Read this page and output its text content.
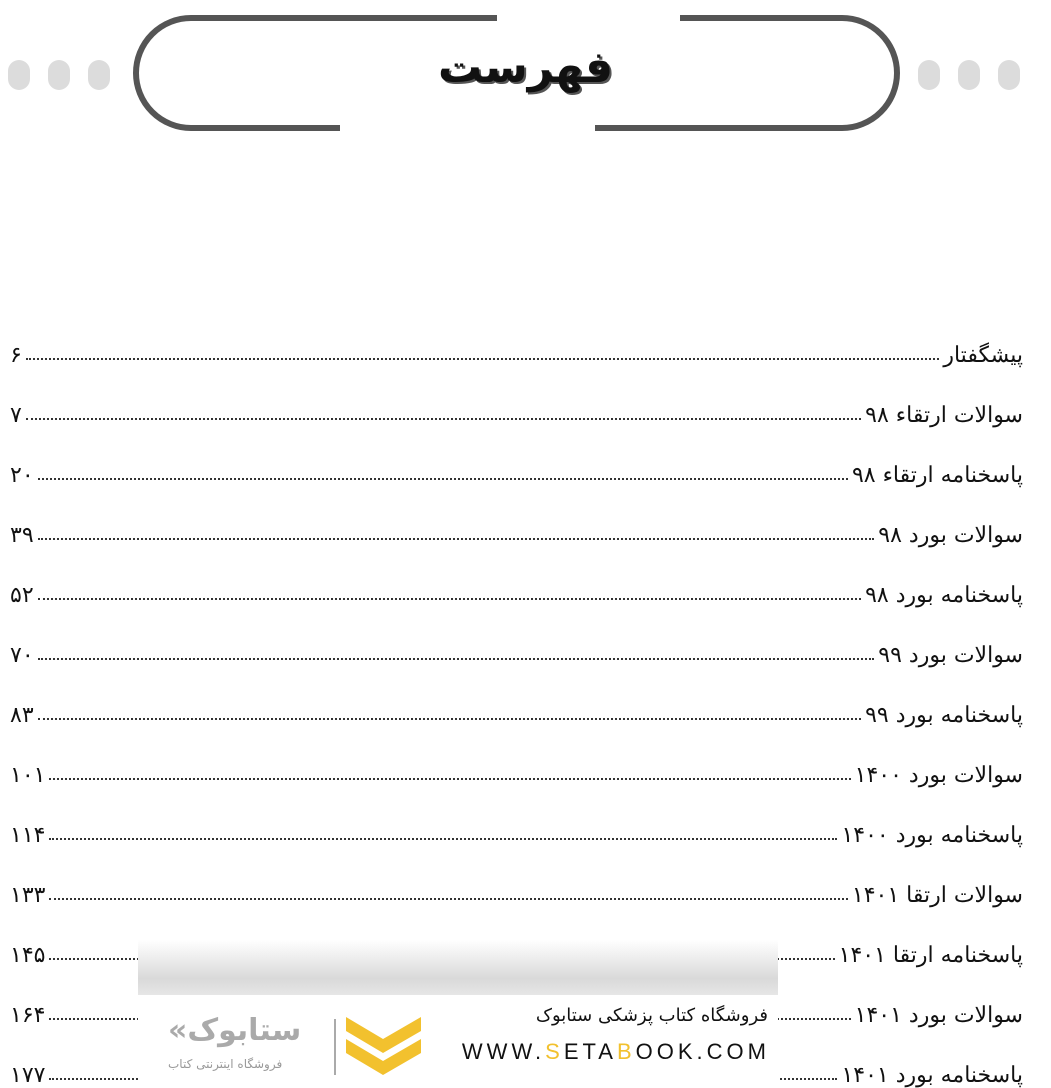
فهرست
پیشگفتار
۶
سوالات ارتقاء ۹۸
۷
پاسخنامه ارتقاء ۹۸
۲۰
سوالات بورد ۹۸
۳۹
پاسخنامه بورد ۹۸
۵۲
سوالات بورد ۹۹
۷۰
پاسخنامه بورد ۹۹
۸۳
سوالات بورد ۱۴۰۰
۱۰۱
پاسخنامه بورد ۱۴۰۰
۱۱۴
سوالات ارتقا ۱۴۰۱
۱۳۳
پاسخنامه ارتقا ۱۴۰۱
۱۴۵
سوالات بورد ۱۴۰۱
۱۶۴
پاسخنامه بورد ۱۴۰۱
۱۷۷
«ستابوک
فروشگاه اینترنتی کتاب
فروشگاه کتاب پزشکی ستابوک
WWW.SETABOOK.COM
